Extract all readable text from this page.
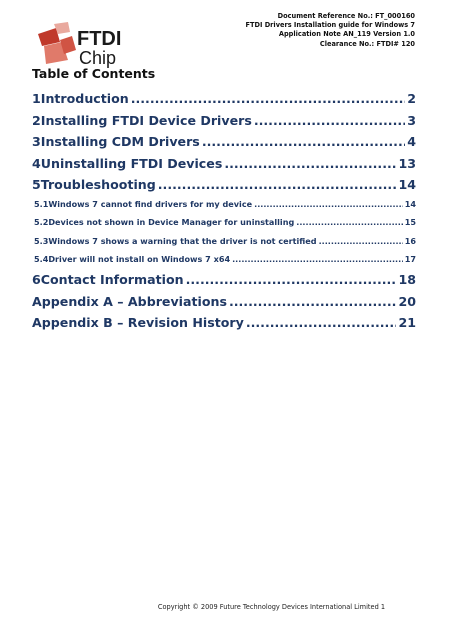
FTDI
Chip
Document Reference No.: FT_000160
FTDI Drivers Installation guide for Windows 7
Application Note AN_119 Version 1.0
Clearance No.: FTDI# 120
Table of Contents
1 Introduction .....	2
2 Installing FTDI Device Drivers .....	3
3 Installing CDM Drivers .....	4
4 Uninstalling FTDI Devices .....	13
5 Troubleshooting .....	14
5.1 Windows 7 cannot find drivers for my device .....	14
5.2 Devices not shown in Device Manager for uninstalling .....	15
5.3 Windows 7 shows a warning that the driver is not certified .....	16
5.4 Driver will not install on Windows 7 x64 .....	17
6 Contact Information .....	18
Appendix A – Abbreviations .....	20
Appendix B – Revision History .....	21
Copyright © 2009 Future Technology Devices International Limited 1
